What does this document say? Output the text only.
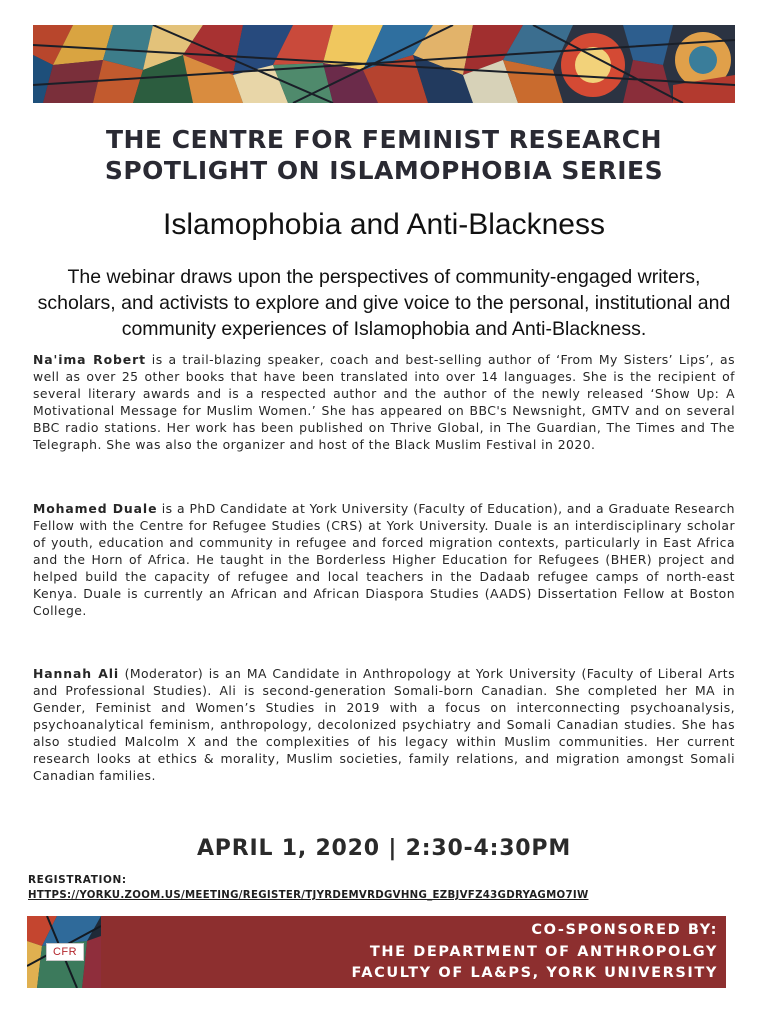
THE CENTRE FOR FEMINIST RESEARCH
SPOTLIGHT ON ISLAMOPHOBIA SERIES
Islamophobia and Anti-Blackness
The webinar draws upon the perspectives of community-engaged writers, scholars, and activists to explore and give voice to the personal, institutional and community experiences of Islamophobia and Anti-Blackness.
Na'ima Robert is a trail-blazing speaker, coach and best-selling author of ‘From My Sisters’ Lips’, as well as over 25 other books that have been translated into over 14 languages. She is the recipient of several literary awards and is a respected author and the author of the newly released ‘Show Up: A Motivational Message for Muslim Women.’ She has appeared on BBC's Newsnight, GMTV and on several BBC radio stations. Her work has been published on Thrive Global, in The Guardian, The Times and The Telegraph. She was also the organizer and host of the Black Muslim Festival in 2020.
Mohamed Duale is a PhD Candidate at York University (Faculty of Education), and a Graduate Research Fellow with the Centre for Refugee Studies (CRS) at York University. Duale is an interdisciplinary scholar of youth, education and community in refugee and forced migration contexts, particularly in East Africa and the Horn of Africa. He taught in the Borderless Higher Education for Refugees (BHER) project and helped build the capacity of refugee and local teachers in the Dadaab refugee camps of north-east Kenya. Duale is currently an African and African Diaspora Studies (AADS) Dissertation Fellow at Boston College.
Hannah Ali (Moderator) is an MA Candidate in Anthropology at York University (Faculty of Liberal Arts and Professional Studies). Ali is second-generation Somali-born Canadian. She completed her MA in Gender, Feminist and Women’s Studies in 2019 with a focus on interconnecting psychoanalysis, psychoanalytical feminism, anthropology, decolonized psychiatry and Somali Canadian studies. She has also studied Malcolm X and the complexities of his legacy within Muslim communities. Her current research looks at ethics & morality, Muslim societies, family relations, and migration amongst Somali Canadian families.
APRIL 1, 2020 | 2:30-4:30PM
REGISTRATION:
HTTPS://YORKU.ZOOM.US/MEETING/REGISTER/TJYRDEMVRDGVHNG_EZBJVFZ43GDRYAGMO7IW
CFR
CO-SPONSORED BY:
THE DEPARTMENT OF ANTHROPOLGY
FACULTY OF LA&PS, YORK UNIVERSITY
